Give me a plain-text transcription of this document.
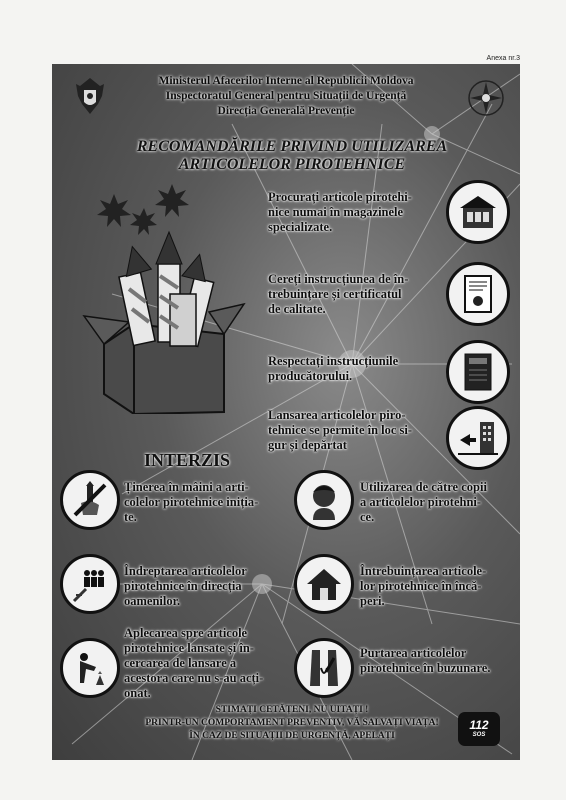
Anexa nr.3
Ministerul Afacerilor Interne al Republicii Moldova
Inspectoratul General pentru Situații de Urgență
Direcția Generală Prevenție
RECOMANDĂRILE PRIVIND UTILIZAREA
ARTICOLELOR PIROTEHNICE
Procurați articole pirotehi-
nice numai în magazinele
specializate.
Cereți instrucțiunea de în-
trebuințare și certificatul
de calitate.
Respectați instrucțiunile
producătorului.
Lansarea articolelor piro-
tehnice se permite în loc si-
gur și depărtat
INTERZIS
Ținerea în mâini a arti-
colelor pirotehnice iniția-
te.
Utilizarea de către copii
a articolelor pirotehni-
ce.
Îndreptarea articolelor
pirotehnice în direcția
oamenilor.
Întrebuințarea articole-
lor pirotehnice în încă-
peri.
Aplecarea spre articole
pirotehnice lansate și în-
cercarea de lansare a
acestora care nu s-au acți-
onat.
Purtarea articolelor
pirotehnice în buzunare.
STIMAȚI CETĂȚENI, NU UITAȚI !
PRINTR-UN COMPORTAMENT PREVENTIV, VĂ SALVAȚI VIAȚA!
ÎN CAZ DE SITUAȚII DE URGENȚĂ, APELAȚI
112
SOS
